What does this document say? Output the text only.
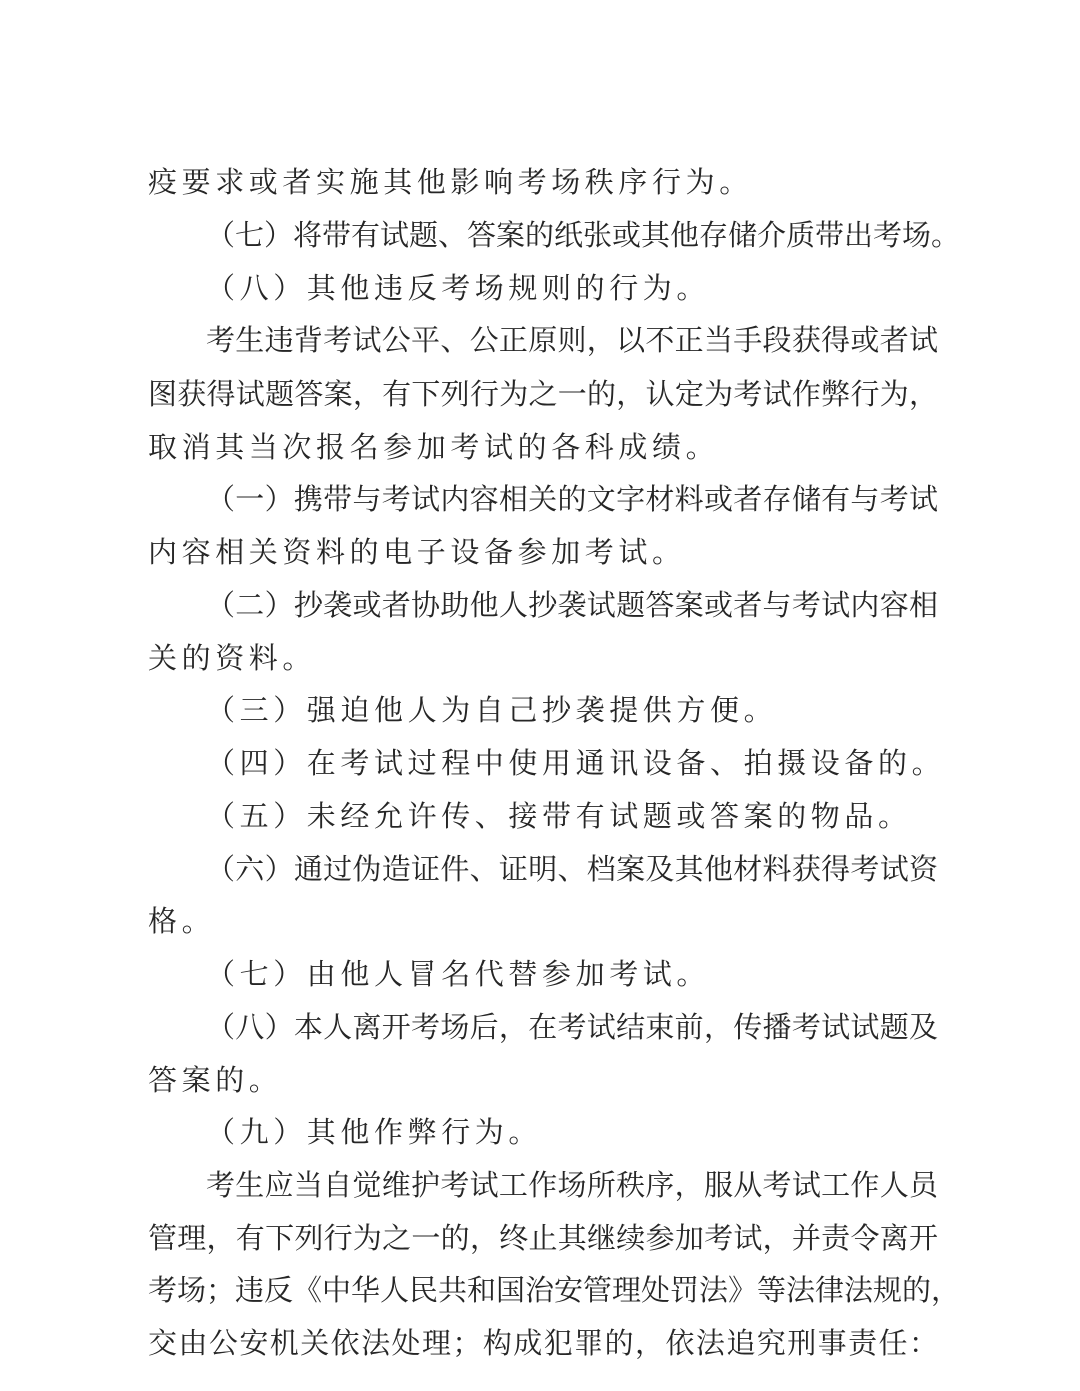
疫要求或者实施其他影响考场秩序行为。
（七）将带有试题、答案的纸张或其他存储介质带出考场。
（八）其他违反考场规则的行为。
考生违背考试公平、公正原则，以不正当手段获得或者试
图获得试题答案，有下列行为之一的，认定为考试作弊行为，
取消其当次报名参加考试的各科成绩。
（一）携带与考试内容相关的文字材料或者存储有与考试
内容相关资料的电子设备参加考试。
（二）抄袭或者协助他人抄袭试题答案或者与考试内容相
关的资料。
（三）强迫他人为自己抄袭提供方便。
（四）在考试过程中使用通讯设备、拍摄设备的。
（五）未经允许传、接带有试题或答案的物品。
（六）通过伪造证件、证明、档案及其他材料获得考试资
格。
（七）由他人冒名代替参加考试。
（八）本人离开考场后，在考试结束前，传播考试试题及
答案的。
（九）其他作弊行为。
考生应当自觉维护考试工作场所秩序，服从考试工作人员
管理，有下列行为之一的，终止其继续参加考试，并责令离开
考场；违反《中华人民共和国治安管理处罚法》等法律法规的，
交由公安机关依法处理；构成犯罪的，依法追究刑事责任：
